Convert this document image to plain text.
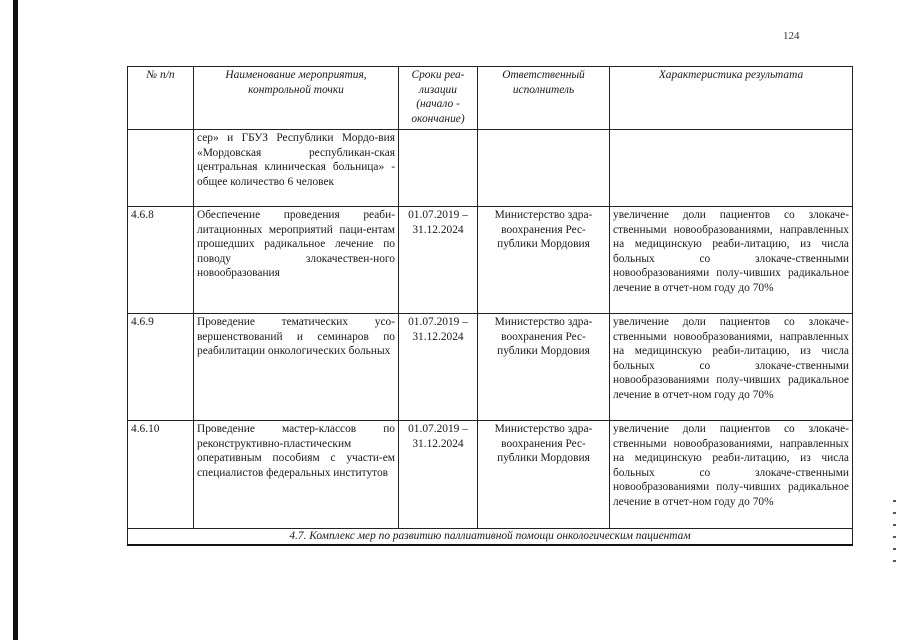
124
№ п/п	Наименование мероприятия, контрольной точки	Сроки реа-лизации (начало - окончание)	Ответственный исполнитель	Характеристика результата
	сер» и ГБУЗ Республики Мордо-вия «Мордовская республикан-ская центральная клиническая больница» - общее количество 6 человек			
4.6.8	Обеспечение проведения реаби-литационных мероприятий паци-ентам прошедших радикальное лечение по поводу злокачествен-ного новообразования	01.07.2019 – 31.12.2024	Министерство здра-воохранения Рес-публики Мордовия	увеличение доли пациентов со злокаче-ственными новообразованиями, направленных на медицинскую реаби-литацию, из числа больных со злокаче-ственными новообразованиями полу-чивших радикальное лечение в отчет-ном году до 70%
4.6.9	Проведение тематических усо-вершенствований и семинаров по реабилитации онкологических больных	01.07.2019 – 31.12.2024	Министерство здра-воохранения Рес-публики Мордовия	увеличение доли пациентов со злокаче-ственными новообразованиями, направленных на медицинскую реаби-литацию, из числа больных со злокаче-ственными новообразованиями полу-чивших радикальное лечение в отчет-ном году до 70%
4.6.10	Проведение мастер-классов по реконструктивно-пластическим оперативным пособиям с участи-ем специалистов федеральных институтов	01.07.2019 – 31.12.2024	Министерство здра-воохранения Рес-публики Мордовия	увеличение доли пациентов со злокаче-ственными новообразованиями, направленных на медицинскую реаби-литацию, из числа больных со злокаче-ственными новообразованиями полу-чивших радикальное лечение в отчет-ном году до 70%
4.7. Комплекс мер по развитию паллиативной помощи онкологическим пациентам				
